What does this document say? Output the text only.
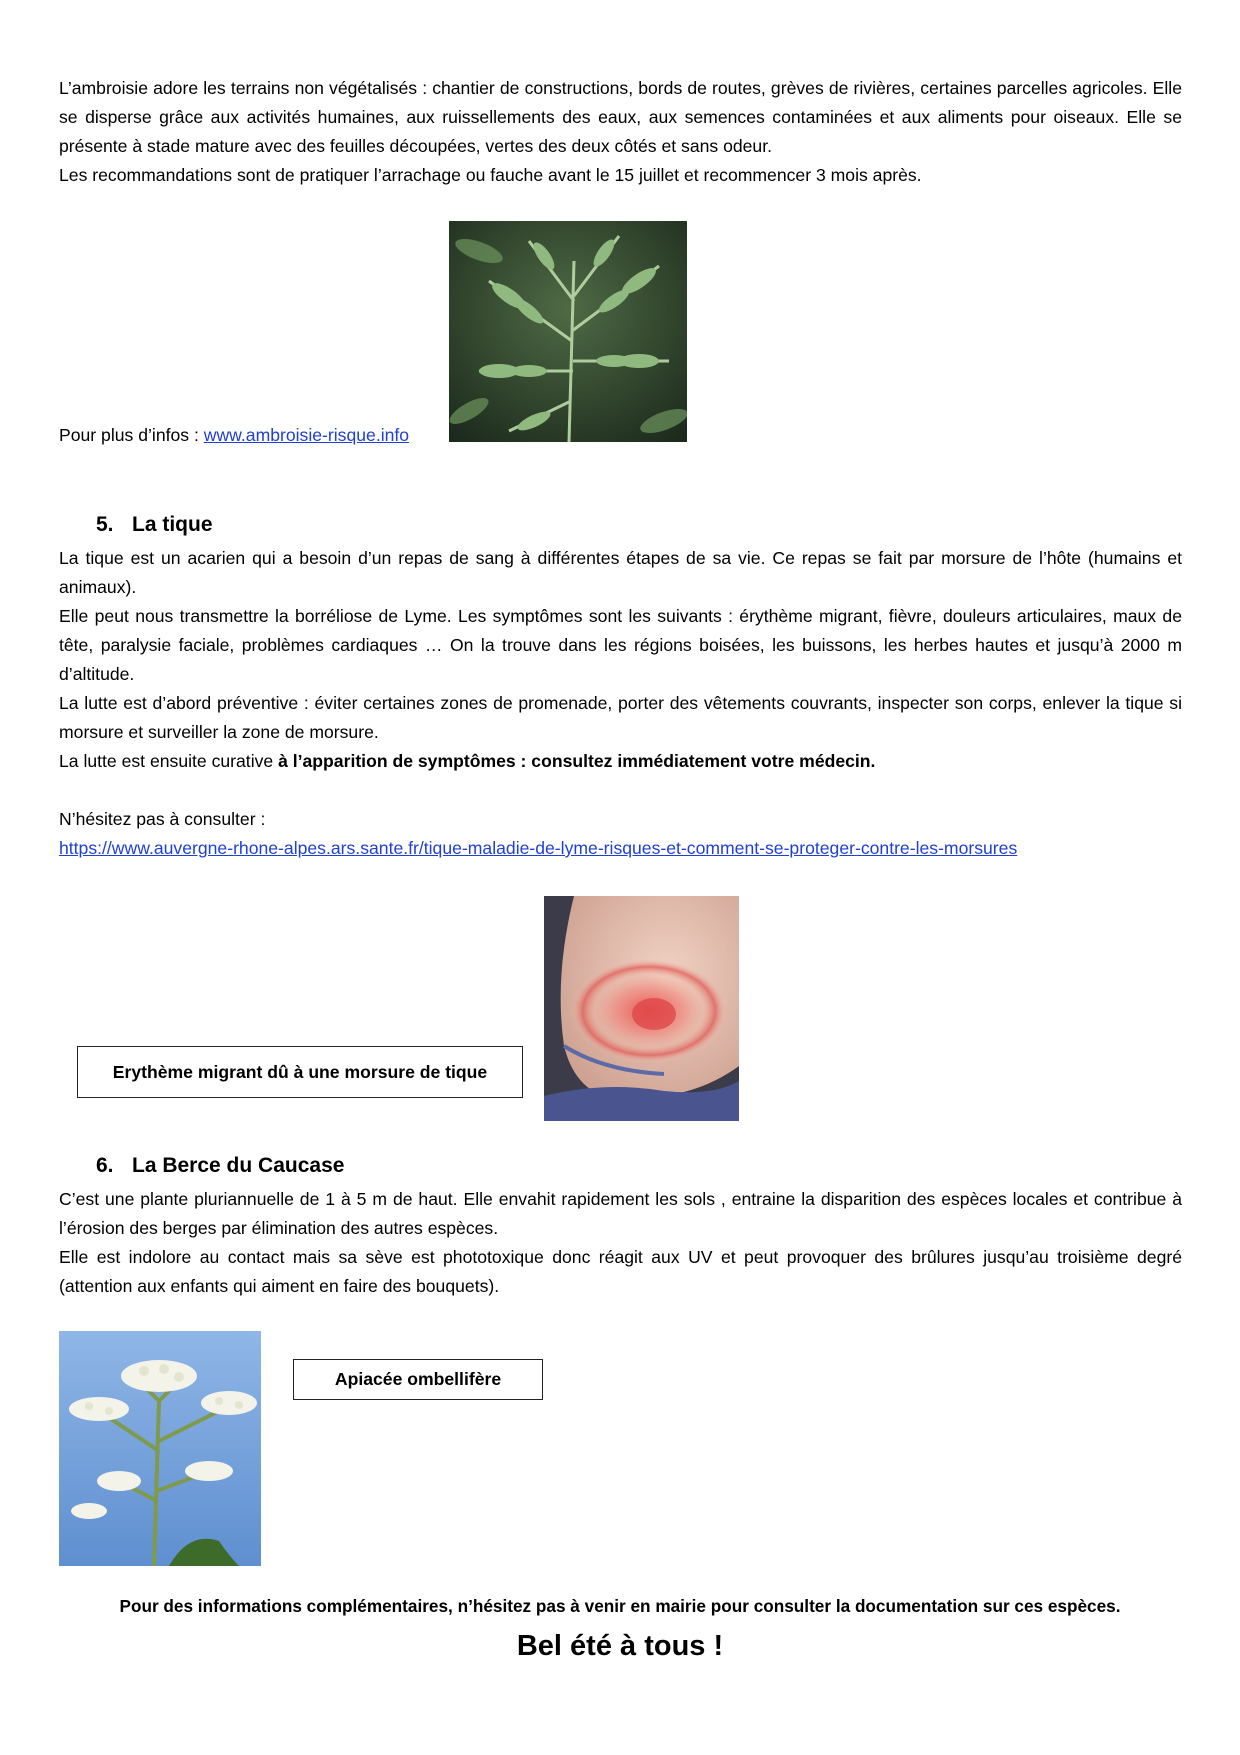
L’ambroisie adore les terrains non végétalisés : chantier de constructions, bords de routes, grèves de rivières, certaines parcelles agricoles. Elle se disperse grâce aux activités humaines, aux ruissellements des eaux, aux semences contaminées et aux aliments pour oiseaux. Elle se présente à stade mature avec des feuilles découpées, vertes des deux côtés et sans odeur.
Les recommandations sont de pratiquer l’arrachage ou fauche avant le 15 juillet et recommencer 3 mois après.

Pour plus d’infos : www.ambroisie-risque.info
5. La tique
La tique est un acarien qui a besoin d’un repas de sang à différentes étapes de sa vie. Ce repas se fait par morsure de l’hôte (humains et animaux).
Elle peut nous transmettre la borréliose de Lyme. Les symptômes sont les suivants : érythème migrant, fièvre, douleurs articulaires, maux de tête, paralysie faciale, problèmes cardiaques … On la trouve dans les régions boisées, les buissons, les herbes hautes et jusqu’à 2000 m d’altitude.
La lutte est d’abord préventive : éviter certaines zones de promenade, porter des vêtements couvrants, inspecter son corps, enlever la tique si morsure et surveiller la zone de morsure.
La lutte est ensuite curative à l’apparition de symptômes : consultez immédiatement votre médecin.
N’hésitez pas à consulter :
https://www.auvergne-rhone-alpes.ars.sante.fr/tique-maladie-de-lyme-risques-et-comment-se-proteger-contre-les-morsures
Erythème migrant dû à une morsure de tique
6. La Berce du Caucase
C’est une plante pluriannuelle de 1 à 5 m de haut. Elle envahit rapidement les sols , entraine la disparition des espèces locales et contribue à l’érosion des berges par élimination des autres espèces.
Elle est indolore au contact mais sa sève est phototoxique donc réagit aux UV et peut provoquer des brûlures jusqu’au troisième degré (attention aux enfants qui aiment en faire des bouquets).
Apiacée ombellifère
Pour des informations complémentaires, n’hésitez pas à venir en mairie pour consulter la documentation sur ces espèces.
Bel été à tous !
